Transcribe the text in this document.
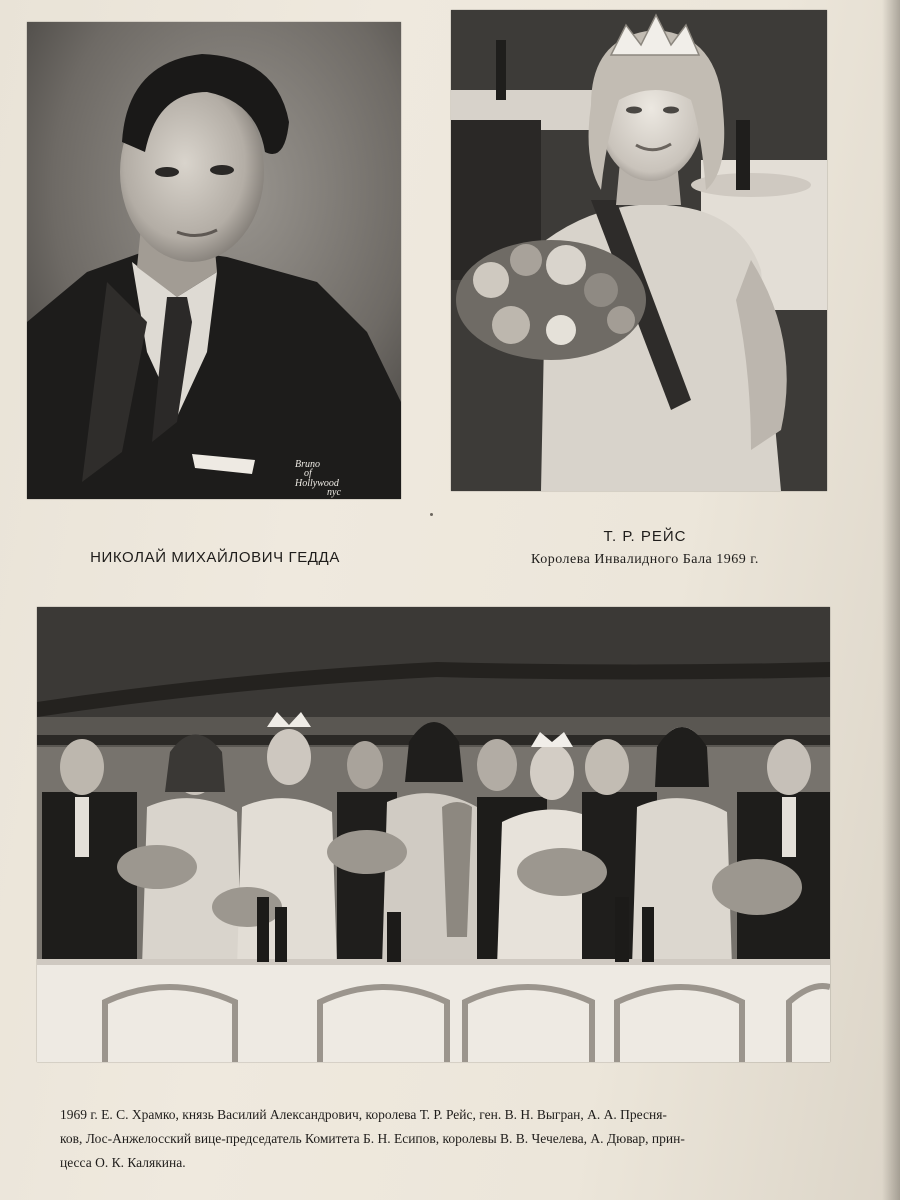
Bruno
of
Hollywood
nyc
НИКОЛАЙ МИХАЙЛОВИЧ ГЕДДА
Т. Р. РЕЙС
Королева Инвалидного Бала 1969 г.

1969 г. Е. С. Храмко, князь Василий Александрович, королева Т. Р. Рейс, ген. В. Н. Выгран, А. А. Пресня-
ков, Лос-Анжелосский вице-председатель Комитета Б. Н. Есипов, королевы В. В. Чечелева, А. Дювар, прин-
цесса О. К. Калякина.
